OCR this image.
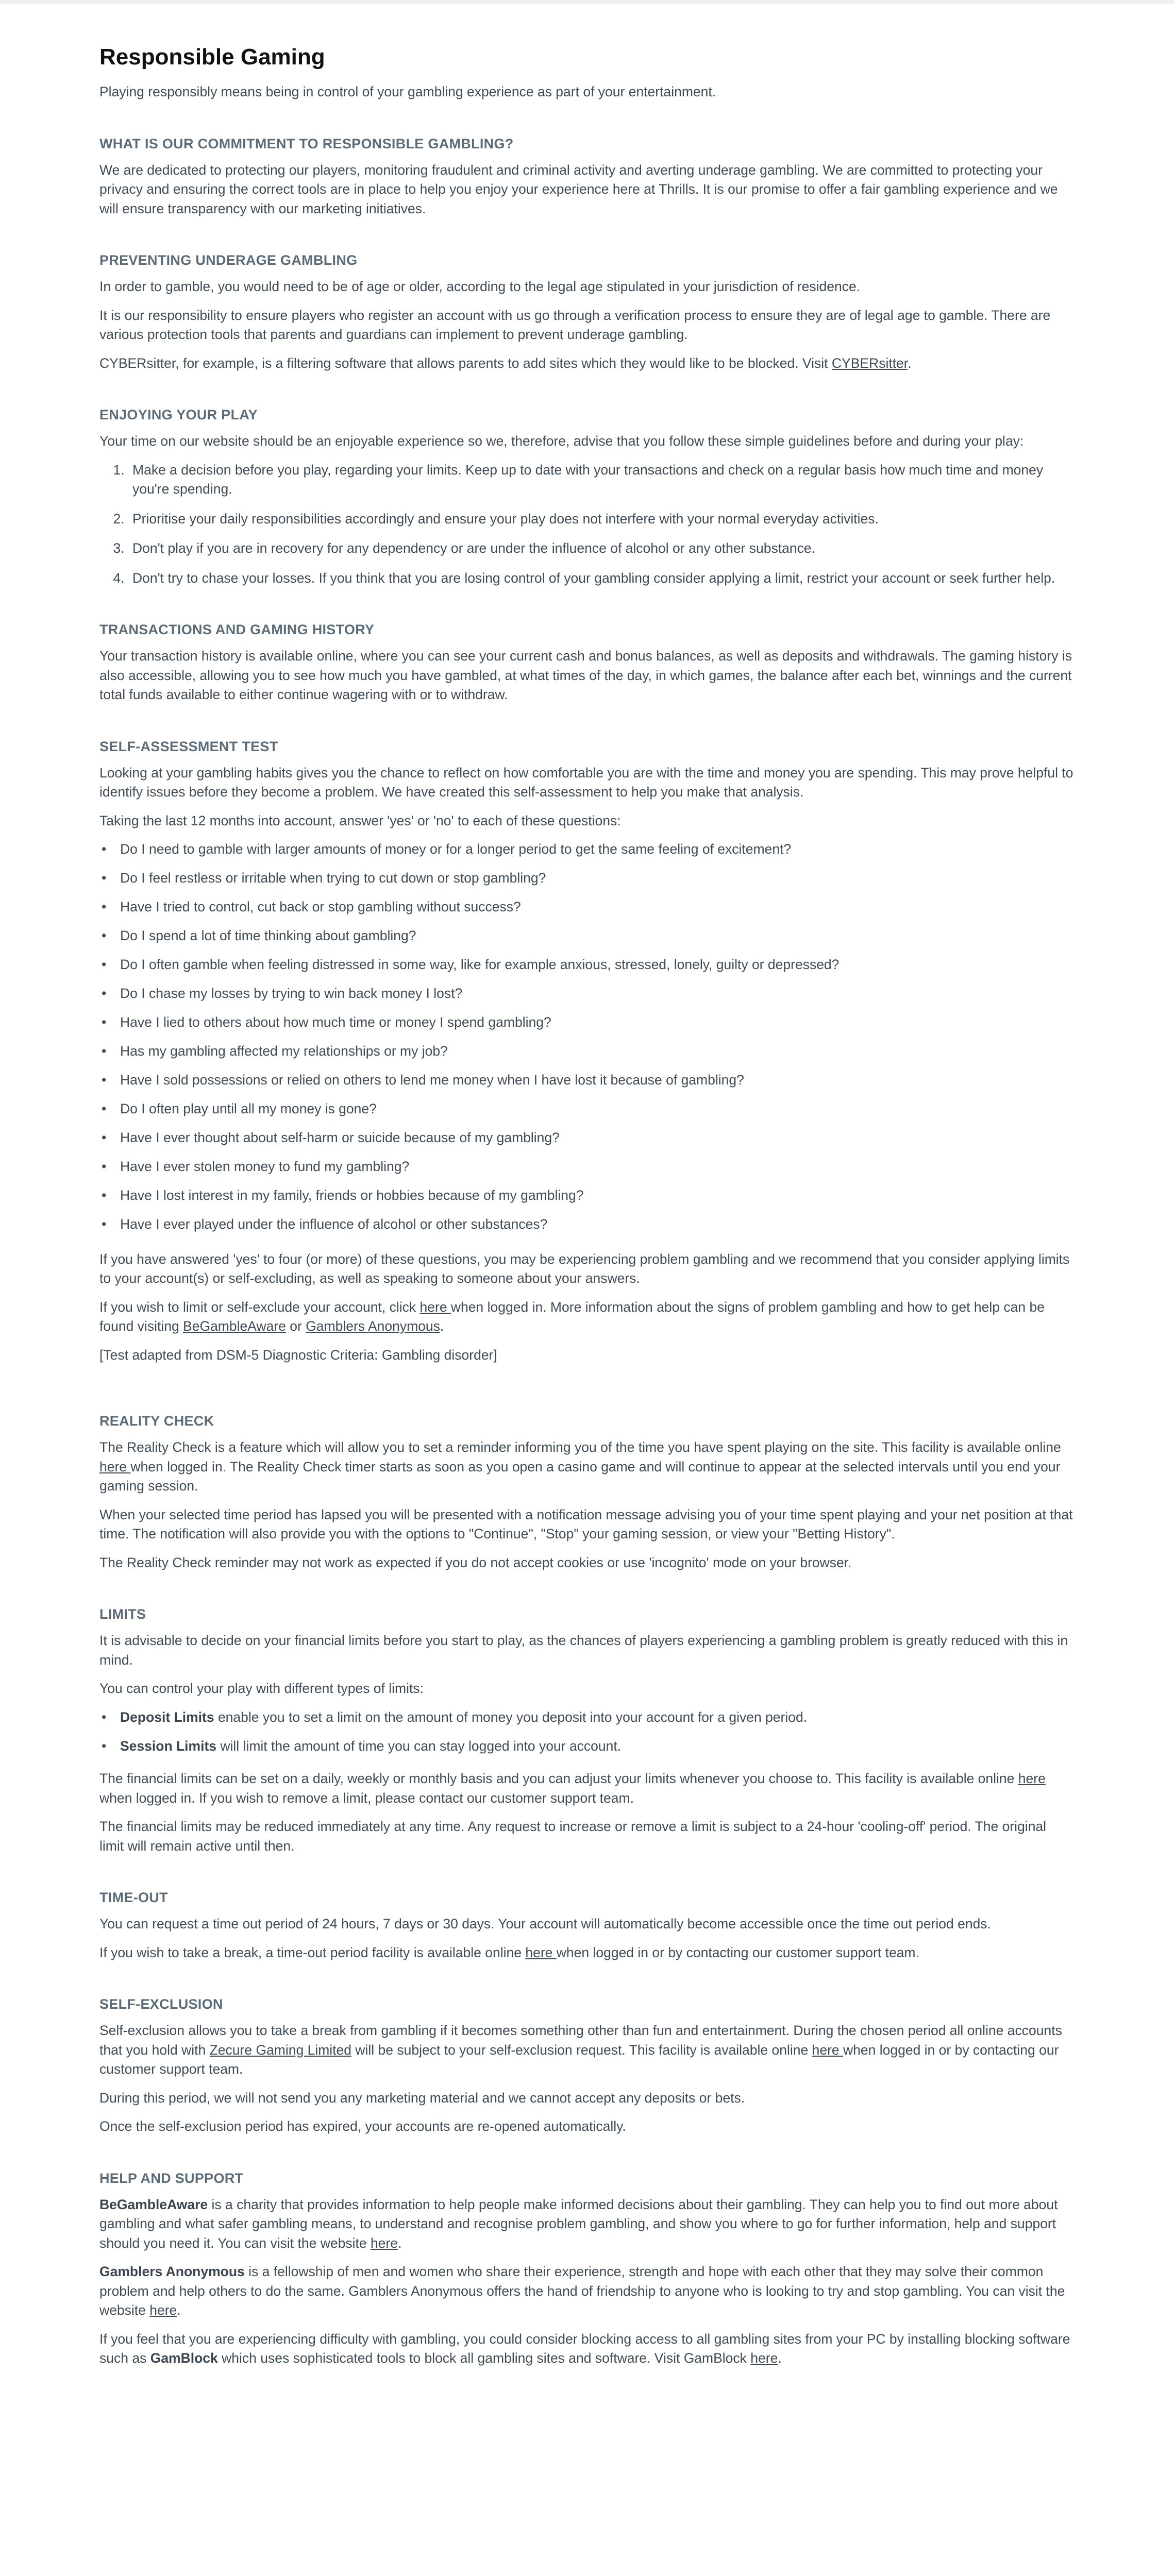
Responsible Gaming

Playing responsibly means being in control of your gambling experience as part of your entertainment.

WHAT IS OUR COMMITMENT TO RESPONSIBLE GAMBLING?

We are dedicated to protecting our players, monitoring fraudulent and criminal activity and averting underage gambling. We are committed to protecting your privacy and ensuring the correct tools are in place to help you enjoy your experience here at Thrills. It is our promise to offer a fair gambling experience and we will ensure transparency with our marketing initiatives.

PREVENTING UNDERAGE GAMBLING

In order to gamble, you would need to be of age or older, according to the legal age stipulated in your jurisdiction of residence.

It is our responsibility to ensure players who register an account with us go through a verification process to ensure they are of legal age to gamble. There are various protection tools that parents and guardians can implement to prevent underage gambling.

CYBERsitter, for example, is a filtering software that allows parents to add sites which they would like to be blocked. Visit CYBERsitter.

ENJOYING YOUR PLAY

Your time on our website should be an enjoyable experience so we, therefore, advise that you follow these simple guidelines before and during your play:

1. Make a decision before you play, regarding your limits. Keep up to date with your transactions and check on a regular basis how much time and money you're spending.
2. Prioritise your daily responsibilities accordingly and ensure your play does not interfere with your normal everyday activities.
3. Don't play if you are in recovery for any dependency or are under the influence of alcohol or any other substance.
4. Don't try to chase your losses. If you think that you are losing control of your gambling consider applying a limit, restrict your account or seek further help.
TRANSACTIONS AND GAMING HISTORY

Your transaction history is available online, where you can see your current cash and bonus balances, as well as deposits and withdrawals. The gaming history is also accessible, allowing you to see how much you have gambled, at what times of the day, in which games, the balance after each bet, winnings and the current total funds available to either continue wagering with or to withdraw.

SELF-ASSESSMENT TEST

Looking at your gambling habits gives you the chance to reflect on how comfortable you are with the time and money you are spending. This may prove helpful to identify issues before they become a problem. We have created this self-assessment to help you make that analysis.

Taking the last 12 months into account, answer 'yes' or 'no' to each of these questions:

• Do I need to gamble with larger amounts of money or for a longer period to get the same feeling of excitement?
• Do I feel restless or irritable when trying to cut down or stop gambling?
• Have I tried to control, cut back or stop gambling without success?
• Do I spend a lot of time thinking about gambling?
• Do I often gamble when feeling distressed in some way, like for example anxious, stressed, lonely, guilty or depressed?
• Do I chase my losses by trying to win back money I lost?
• Have I lied to others about how much time or money I spend gambling?
• Has my gambling affected my relationships or my job?
• Have I sold possessions or relied on others to lend me money when I have lost it because of gambling?
• Do I often play until all my money is gone?
• Have I ever thought about self-harm or suicide because of my gambling?
• Have I ever stolen money to fund my gambling?
• Have I lost interest in my family, friends or hobbies because of my gambling?
• Have I ever played under the influence of alcohol or other substances?

If you have answered 'yes' to four (or more) of these questions, you may be experiencing problem gambling and we recommend that you consider applying limits to your account(s) or self-excluding, as well as speaking to someone about your answers.

If you wish to limit or self-exclude your account, click here when logged in. More information about the signs of problem gambling and how to get help can be found visiting BeGambleAware or Gamblers Anonymous.

[Test adapted from DSM-5 Diagnostic Criteria: Gambling disorder]

REALITY CHECK

The Reality Check is a feature which will allow you to set a reminder informing you of the time you have spent playing on the site. This facility is available online here when logged in. The Reality Check timer starts as soon as you open a casino game and will continue to appear at the selected intervals until you end your gaming session.

When your selected time period has lapsed you will be presented with a notification message advising you of your time spent playing and your net position at that time. The notification will also provide you with the options to "Continue", "Stop" your gaming session, or view your "Betting History".

The Reality Check reminder may not work as expected if you do not accept cookies or use 'incognito' mode on your browser.

LIMITS

It is advisable to decide on your financial limits before you start to play, as the chances of players experiencing a gambling problem is greatly reduced with this in mind.

You can control your play with different types of limits:

• Deposit Limits enable you to set a limit on the amount of money you deposit into your account for a given period.
• Session Limits will limit the amount of time you can stay logged into your account.

The financial limits can be set on a daily, weekly or monthly basis and you can adjust your limits whenever you choose to. This facility is available online here when logged in. If you wish to remove a limit, please contact our customer support team.

The financial limits may be reduced immediately at any time. Any request to increase or remove a limit is subject to a 24-hour 'cooling-off' period. The original limit will remain active until then.

TIME-OUT

You can request a time out period of 24 hours, 7 days or 30 days. Your account will automatically become accessible once the time out period ends.

If you wish to take a break, a time-out period facility is available online here when logged in or by contacting our customer support team.

SELF-EXCLUSION

Self-exclusion allows you to take a break from gambling if it becomes something other than fun and entertainment. During the chosen period all online accounts that you hold with Zecure Gaming Limited will be subject to your self-exclusion request. This facility is available online here when logged in or by contacting our customer support team.

During this period, we will not send you any marketing material and we cannot accept any deposits or bets.

Once the self-exclusion period has expired, your accounts are re-opened automatically.

HELP AND SUPPORT

BeGambleAware is a charity that provides information to help people make informed decisions about their gambling. They can help you to find out more about gambling and what safer gambling means, to understand and recognise problem gambling, and show you where to go for further information, help and support should you need it. You can visit the website here.

Gamblers Anonymous is a fellowship of men and women who share their experience, strength and hope with each other that they may solve their common problem and help others to do the same. Gamblers Anonymous offers the hand of friendship to anyone who is looking to try and stop gambling. You can visit the website here.

If you feel that you are experiencing difficulty with gambling, you could consider blocking access to all gambling sites from your PC by installing blocking software such as GamBlock which uses sophisticated tools to block all gambling sites and software. Visit GamBlock here.
